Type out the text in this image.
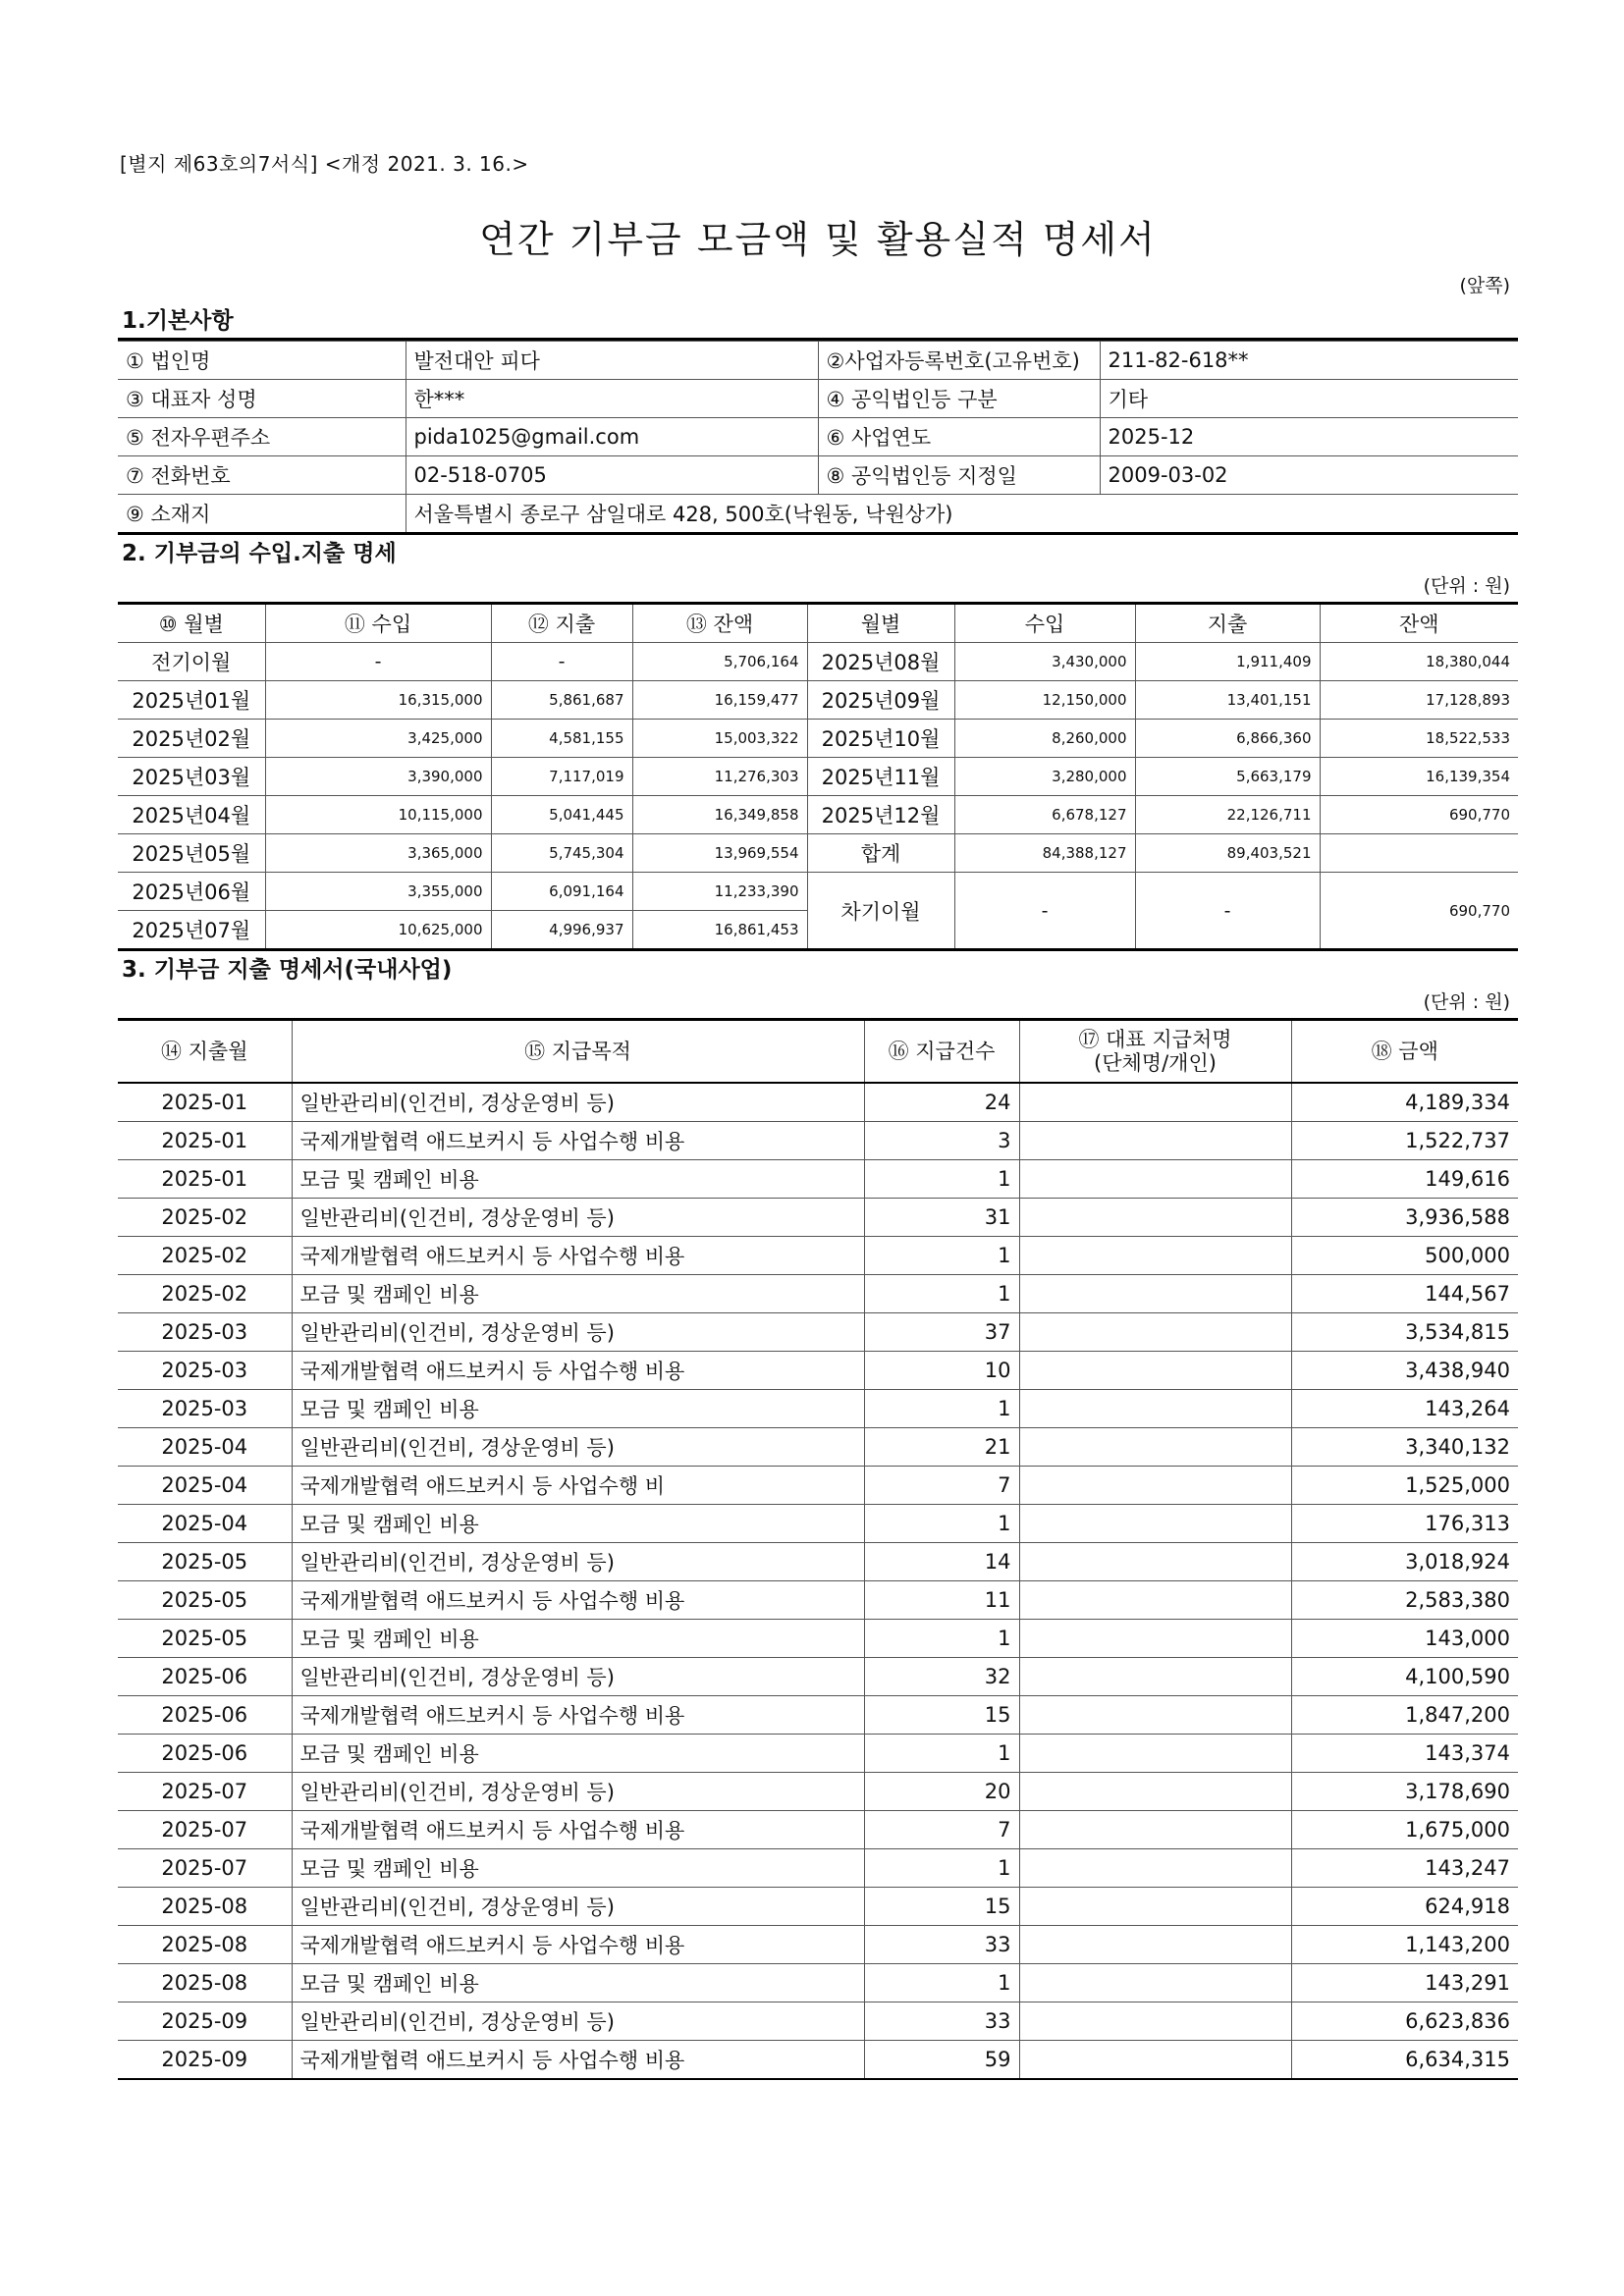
[별지 제63호의7서식] <개정 2021. 3. 16.>
연간 기부금 모금액 및 활용실적 명세서
(앞쪽)
1.기본사항
① 법인명	발전대안 피다	②사업자등록번호(고유번호)	211-82-618**
③ 대표자 성명	한***	④ 공익법인등 구분	기타
⑤ 전자우편주소	pida1025@gmail.com	⑥ 사업연도	2025-12
⑦ 전화번호	02-518-0705	⑧ 공익법인등 지정일	2009-03-02
⑨ 소재지	서울특별시 종로구 삼일대로 428, 500호(낙원동, 낙원상가)		
2. 기부금의 수입.지출 명세
(단위 : 원)
⑩ 월별	⑪ 수입	⑫ 지출	⑬ 잔액	월별	수입	지출	잔액
전기이월	-	-	5,706,164	2025년08월	3,430,000	1,911,409	18,380,044
2025년01월	16,315,000	5,861,687	16,159,477	2025년09월	12,150,000	13,401,151	17,128,893
2025년02월	3,425,000	4,581,155	15,003,322	2025년10월	8,260,000	6,866,360	18,522,533
2025년03월	3,390,000	7,117,019	11,276,303	2025년11월	3,280,000	5,663,179	16,139,354
2025년04월	10,115,000	5,041,445	16,349,858	2025년12월	6,678,127	22,126,711	690,770
2025년05월	3,365,000	5,745,304	13,969,554	합계	84,388,127	89,403,521	
2025년06월	3,355,000	6,091,164	11,233,390	차기이월	-	-	690,770
2025년07월	10,625,000	4,996,937	16,861,453				
3. 기부금 지출 명세서(국내사업)
(단위 : 원)
⑭ 지출월	⑮ 지급목적	⑯ 지급건수	⑰ 대표 지급처명
(단체명/개인)	⑱ 금액
2025-01	일반관리비(인건비, 경상운영비 등)	24		4,189,334
2025-01	국제개발협력 애드보커시 등 사업수행 비용	3		1,522,737
2025-01	모금 및 캠페인 비용	1		149,616
2025-02	일반관리비(인건비, 경상운영비 등)	31		3,936,588
2025-02	국제개발협력 애드보커시 등 사업수행 비용	1		500,000
2025-02	모금 및 캠페인 비용	1		144,567
2025-03	일반관리비(인건비, 경상운영비 등)	37		3,534,815
2025-03	국제개발협력 애드보커시 등 사업수행 비용	10		3,438,940
2025-03	모금 및 캠페인 비용	1		143,264
2025-04	일반관리비(인건비, 경상운영비 등)	21		3,340,132
2025-04	국제개발협력 애드보커시 등 사업수행 비	7		1,525,000
2025-04	모금 및 캠페인 비용	1		176,313
2025-05	일반관리비(인건비, 경상운영비 등)	14		3,018,924
2025-05	국제개발협력 애드보커시 등 사업수행 비용	11		2,583,380
2025-05	모금 및 캠페인 비용	1		143,000
2025-06	일반관리비(인건비, 경상운영비 등)	32		4,100,590
2025-06	국제개발협력 애드보커시 등 사업수행 비용	15		1,847,200
2025-06	모금 및 캠페인 비용	1		143,374
2025-07	일반관리비(인건비, 경상운영비 등)	20		3,178,690
2025-07	국제개발협력 애드보커시 등 사업수행 비용	7		1,675,000
2025-07	모금 및 캠페인 비용	1		143,247
2025-08	일반관리비(인건비, 경상운영비 등)	15		624,918
2025-08	국제개발협력 애드보커시 등 사업수행 비용	33		1,143,200
2025-08	모금 및 캠페인 비용	1		143,291
2025-09	일반관리비(인건비, 경상운영비 등)	33		6,623,836
2025-09	국제개발협력 애드보커시 등 사업수행 비용	59		6,634,315
